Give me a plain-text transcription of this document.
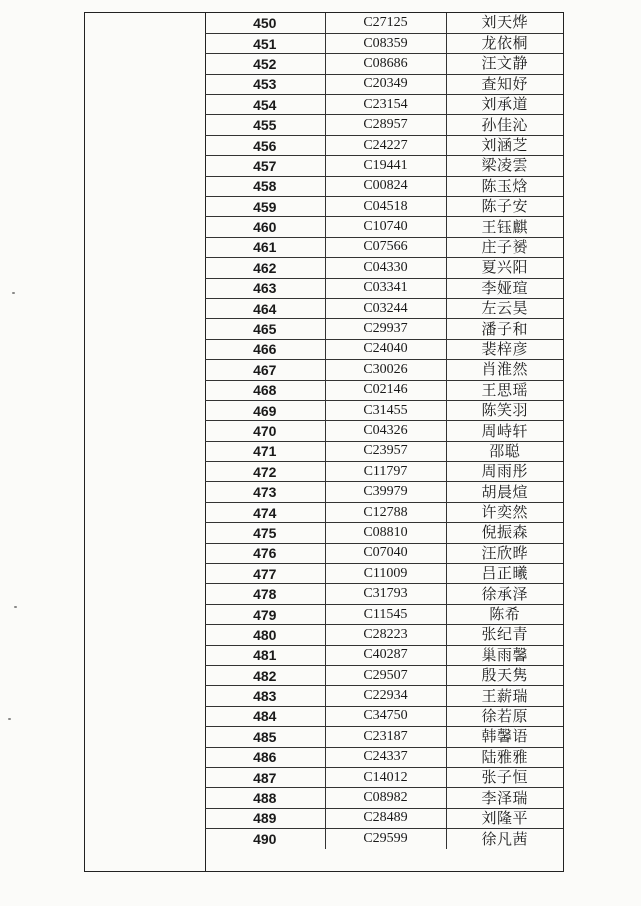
450	C27125	刘天烨
451	C08359	龙依桐
452	C08686	汪文静
453	C20349	查知妤
454	C23154	刘承道
455	C28957	孙佳沁
456	C24227	刘涵芝
457	C19441	梁凌雲
458	C00824	陈玉焓
459	C04518	陈子安
460	C10740	王钰麒
461	C07566	庄子赟
462	C04330	夏兴阳
463	C03341	李娅瑄
464	C03244	左云昊
465	C29937	潘子和
466	C24040	裴梓彦
467	C30026	肖淮然
468	C02146	王思瑶
469	C31455	陈笑羽
470	C04326	周峙轩
471	C23957	邵聪
472	C11797	周雨彤
473	C39979	胡晨煊
474	C12788	许奕然
475	C08810	倪振森
476	C07040	汪欣晔
477	C11009	吕正曦
478	C31793	徐承泽
479	C11545	陈希
480	C28223	张纪青
481	C40287	巢雨馨
482	C29507	殷天隽
483	C22934	王薪瑞
484	C34750	徐若原
485	C23187	韩馨语
486	C24337	陆雅雅
487	C14012	张子恒
488	C08982	李泽瑞
489	C28489	刘隆平
490	C29599	徐凡茜
